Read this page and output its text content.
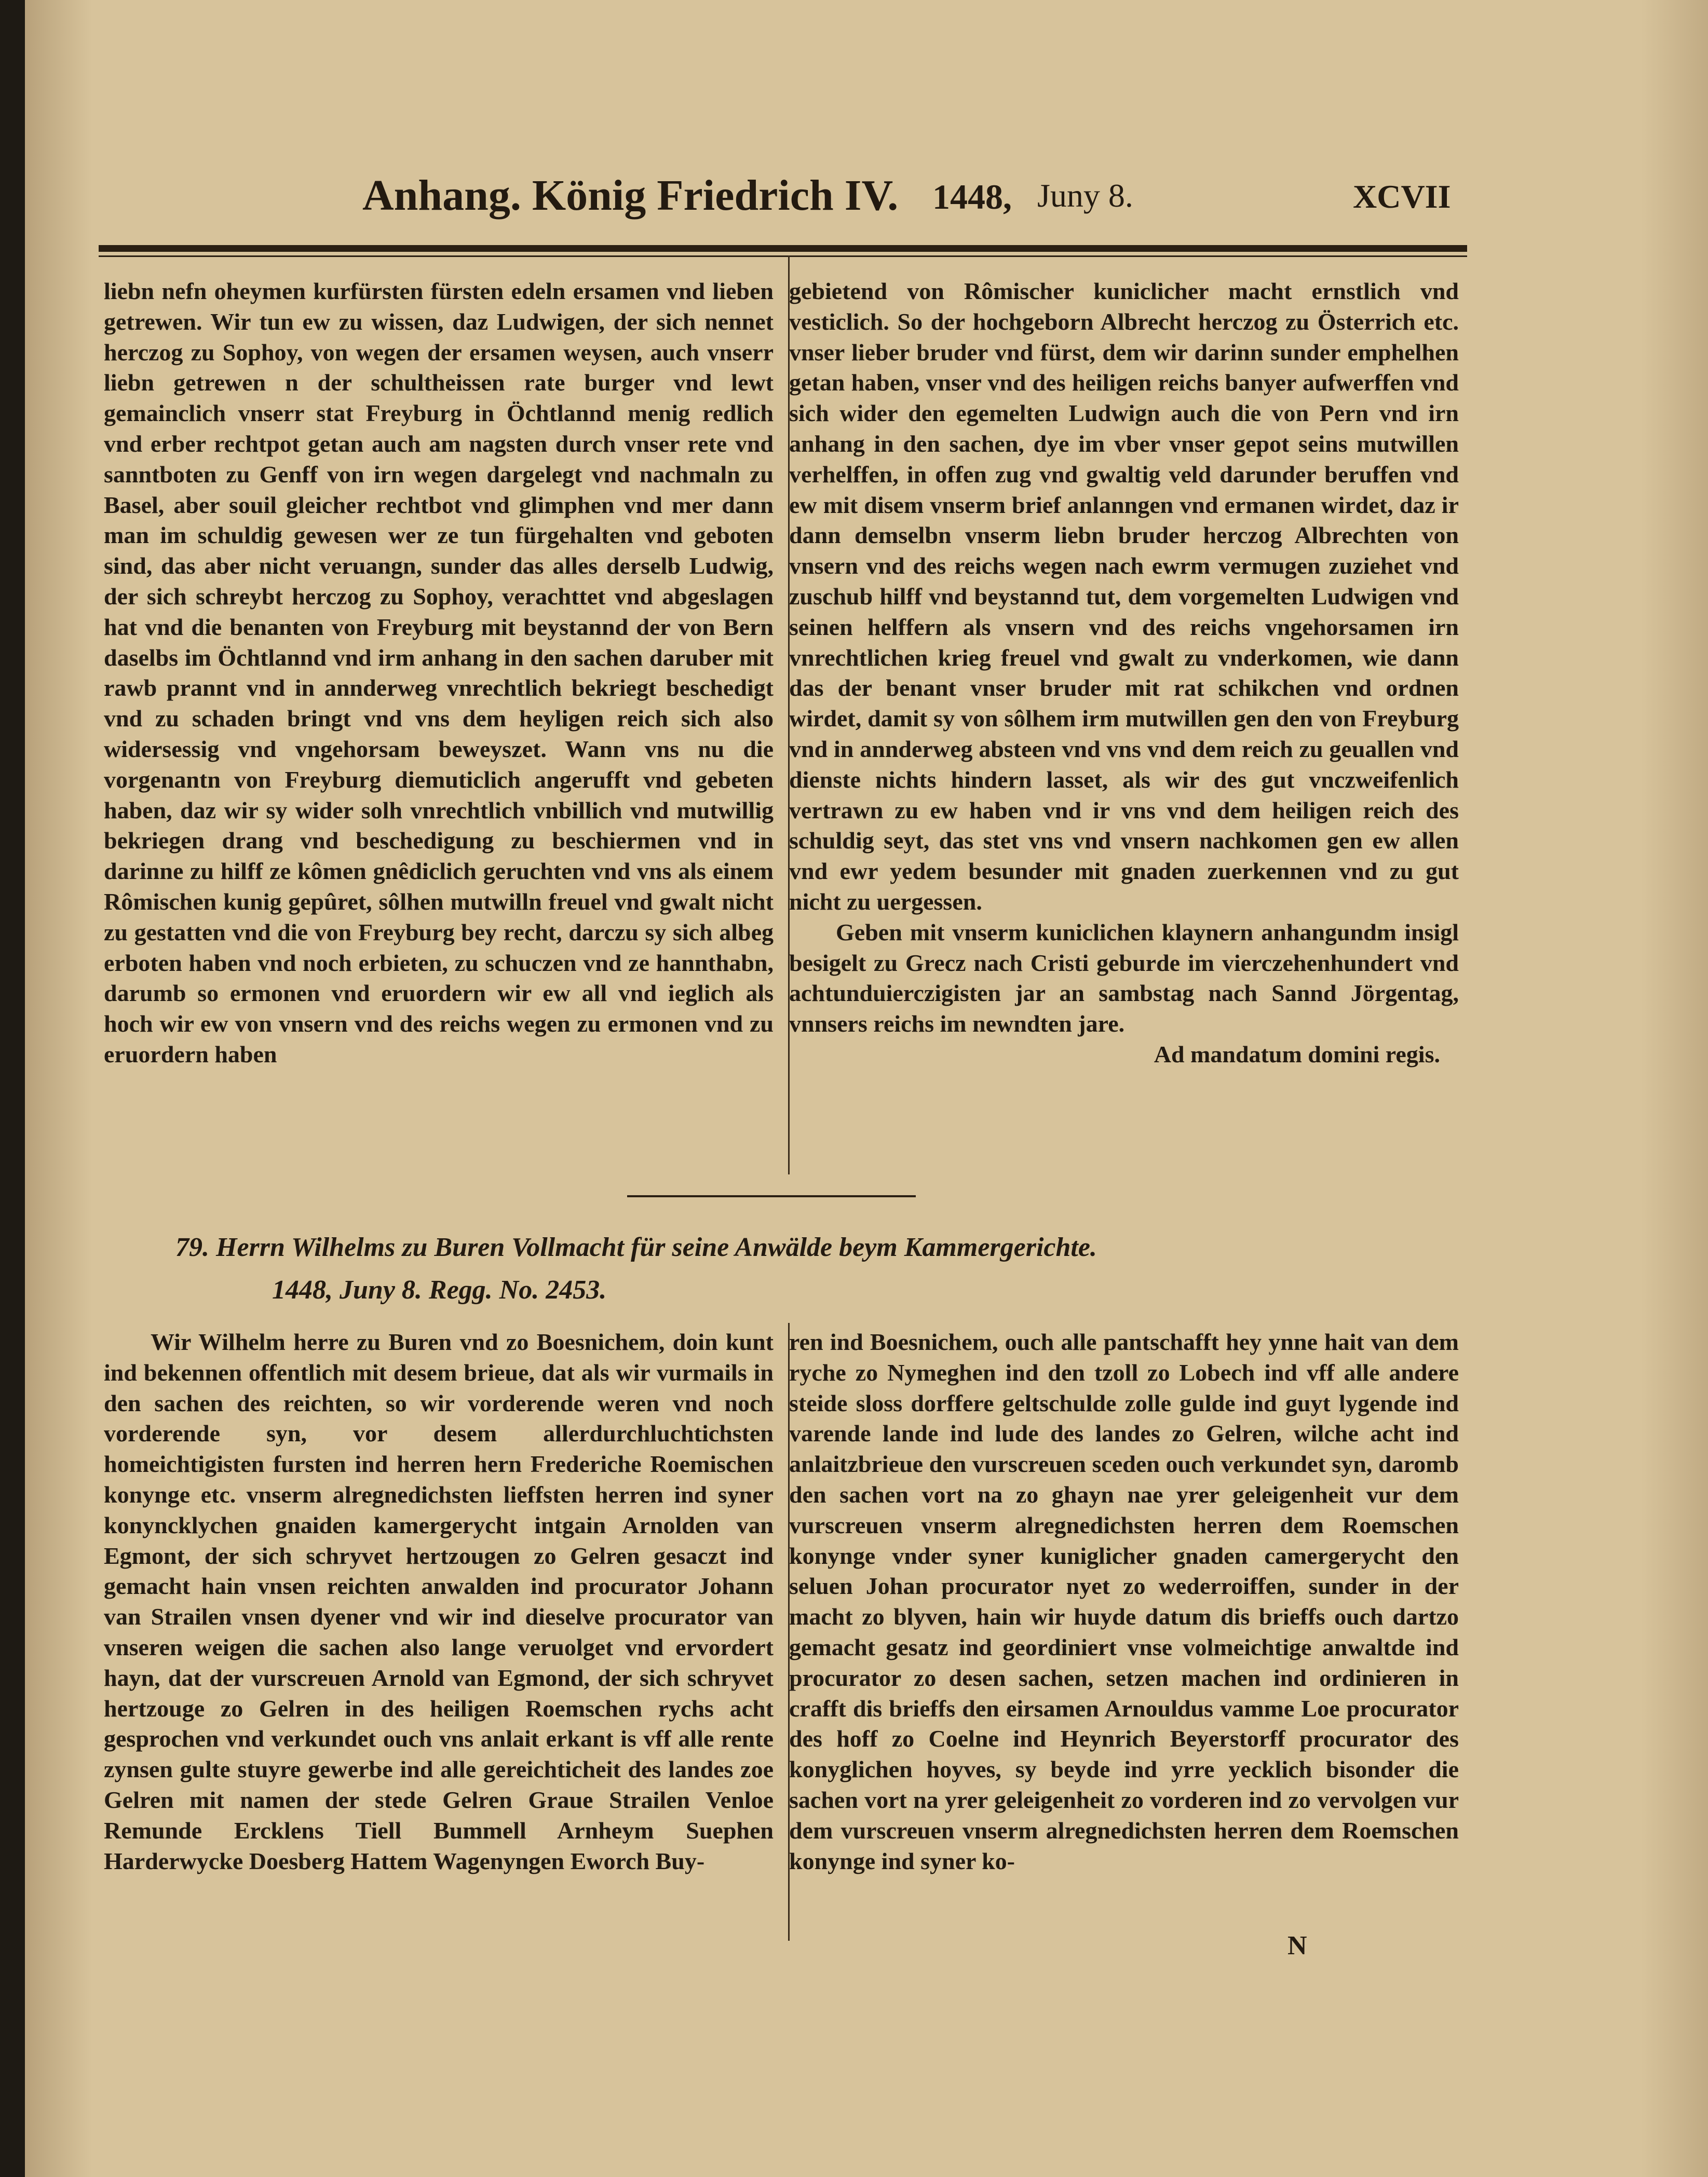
Anhang. König Friedrich IV. 1448, Juny 8.	XCVII

liebn nefn oheymen kurfürsten fürsten edeln ersamen vnd lieben getrewen. Wir tun ew zu wissen, daz Ludwigen, der sich nennet herczog zu Sophoy, von wegen der ersamen weysen, auch vnserr liebn getrewen n der schultheissen rate burger vnd lewt gemainclich vnserr stat Freyburg in Öchtlannd menig redlich vnd erber rechtpot getan auch am nagsten durch vnser rete vnd sanntboten zu Genff von irn wegen dargelegt vnd nachmaln zu Basel, aber souil gleicher rechtbot vnd glimphen vnd mer dann man im schuldig gewesen wer ze tun fürgehalten vnd geboten sind, das aber nicht veruangn, sunder das alles derselb Ludwig, der sich schreybt herczog zu Sophoy, verachttet vnd abgeslagen hat vnd die benanten von Freyburg mit beystannd der von Bern daselbs im Öchtlannd vnd irm anhang in den sachen daruber mit rawb prannt vnd in annderweg vnrechtlich bekriegt beschedigt vnd zu schaden bringt vnd vns dem heyligen reich sich also widersessig vnd vngehorsam beweyszet. Wann vns nu die vorgenantn von Freyburg diemuticlich angerufft vnd gebeten haben, daz wir sy wider solh vnrechtlich vnbillich vnd mutwillig bekriegen drang vnd beschedigung zu beschiermen vnd in darinne zu hilff ze kômen gnêdiclich geruchten vnd vns als einem Rômischen kunig gepûret, sôlhen mutwilln freuel vnd gwalt nicht zu gestatten vnd die von Freyburg bey recht, darczu sy sich albeg erboten haben vnd noch erbieten, zu schuczen vnd ze hannthabn, darumb so ermonen vnd eruordern wir ew all vnd ieglich als hoch wir ew von vnsern vnd des reichs wegen zu ermonen vnd zu eruordern haben

gebietend von Rômischer kuniclicher macht ernstlich vnd vesticlich. So der hochgeborn Albrecht herczog zu Österrich etc. vnser lieber bruder vnd fürst, dem wir darinn sunder emphelhen getan haben, vnser vnd des heiligen reichs banyer aufwerffen vnd sich wider den egemelten Ludwign auch die von Pern vnd irn anhang in den sachen, dye im vber vnser gepot seins mutwillen verhelffen, in offen zug vnd gwaltig veld darunder beruffen vnd ew mit disem vnserm brief anlanngen vnd ermanen wirdet, daz ir dann demselbn vnserm liebn bruder herczog Albrechten von vnsern vnd des reichs wegen nach ewrm vermugen zuziehet vnd zuschub hilff vnd beystannd tut, dem vorgemelten Ludwigen vnd seinen helffern als vnsern vnd des reichs vngehorsamen irn vnrechtlichen krieg freuel vnd gwalt zu vnderkomen, wie dann das der benant vnser bruder mit rat schikchen vnd ordnen wirdet, damit sy von sôlhem irm mutwillen gen den von Freyburg vnd in annderweg absteen vnd vns vnd dem reich zu geuallen vnd dienste nichts hindern lasset, als wir des gut vnczweifenlich vertrawn zu ew haben vnd ir vns vnd dem heiligen reich des schuldig seyt, das stet vns vnd vnsern nachkomen gen ew allen vnd ewr yedem besunder mit gnaden zuerkennen vnd zu gut nicht zu uergessen.

Geben mit vnserm kuniclichen klaynern anhangundm insigl besigelt zu Grecz nach Cristi geburde im vierczehenhundert vnd achtunduierczigisten jar an sambstag nach Sannd Jörgentag, vnnsers reichs im newndten jare.

Ad mandatum domini regis.

79. Herrn Wilhelms zu Buren Vollmacht für seine Anwälde beym Kammergerichte.
1448, Juny 8. Regg. No. 2453.

Wir Wilhelm herre zu Buren vnd zo Boesnichem, doin kunt ind bekennen offentlich mit desem brieue, dat als wir vurmails in den sachen des reichten, so wir vorderende weren vnd noch vorderende syn, vor desem allerdurchluchtichsten homeichtigisten fursten ind herren hern Frederiche Roemischen konynge etc. vnserm alregnedichsten lieffsten herren ind syner konyncklychen gnaiden kamergerycht intgain Arnolden van Egmont, der sich schryvet hertzougen zo Gelren gesaczt ind gemacht hain vnsen reichten anwalden ind procurator Johann van Strailen vnsen dyener vnd wir ind dieselve procurator van vnseren weigen die sachen also lange veruolget vnd ervordert hayn, dat der vurscreuen Arnold van Egmond, der sich schryvet hertzouge zo Gelren in des heiligen Roemschen rychs acht gesprochen vnd verkundet ouch vns anlait erkant is vff alle rente zynsen gulte stuyre gewerbe ind alle gereichticheit des landes zoe Gelren mit namen der stede Gelren Graue Strailen Venloe Remunde Ercklens Tiell Bummell Arnheym Suephen Harderwycke Doesberg Hattem Wagenyngen Eworch Buy-

ren ind Boesnichem, ouch alle pantschafft hey ynne hait van dem ryche zo Nymeghen ind den tzoll zo Lobech ind vff alle andere steide sloss dorffere geltschulde zolle gulde ind guyt lygende ind varende lande ind lude des landes zo Gelren, wilche acht ind anlaitzbrieue den vurscreuen sceden ouch verkundet syn, daromb den sachen vort na zo ghayn nae yrer geleigenheit vur dem vurscreuen vnserm alregnedichsten herren dem Roemschen konynge vnder syner kuniglicher gnaden camergerycht den seluen Johan procurator nyet zo wederroiffen, sunder in der macht zo blyven, hain wir huyde datum dis brieffs ouch dartzo gemacht gesatz ind geordiniert vnse volmeichtige anwaltde ind procurator zo desen sachen, setzen machen ind ordinieren in crafft dis brieffs den eirsamen Arnouldus vamme Loe procurator des hoff zo Coelne ind Heynrich Beyerstorff procurator des konyglichen hoyves, sy beyde ind yrre yecklich bisonder die sachen vort na yrer geleigenheit zo vorderen ind zo vervolgen vur dem vurscreuen vnserm alregnedichsten herren dem Roemschen konynge ind syner ko-

N
